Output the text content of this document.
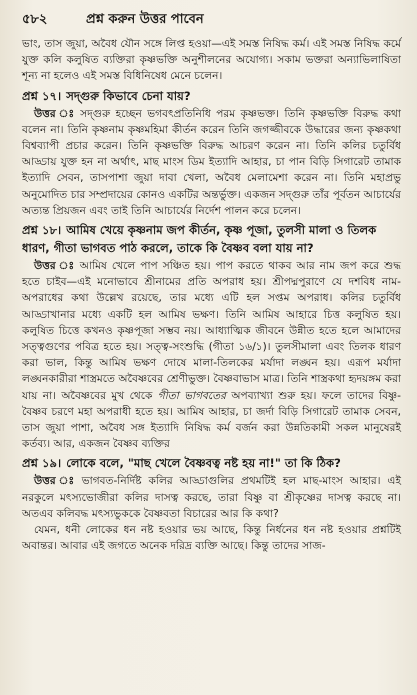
৫৮২	প্রশ্ন করুন উত্তর পাবেন

ভাং, তাস জুয়া, অবৈধ যৌন সঙ্গে লিপ্ত হওয়া—এই সমস্ত নিষিদ্ধ কর্ম। এই সমস্ত নিষিদ্ধ কর্মে যুক্ত কলি কলুষিত ব্যক্তিরা কৃষ্ণভক্তি অনুশীলনের অযোগ্য। সকাম ভক্তরা অন্যাভিলাষিতা শূন্য না হলেও এই সমস্ত বিধিনিষেধ মেনে চলেন।

প্রশ্ন ১৭। সদ্গুরু কিভাবে চেনা যায়?

উত্তর ঃ সদ্গুরু হচ্ছেন ভগবৎপ্রতিনিধি পরম কৃষ্ণভক্ত। তিনি কৃষ্ণভক্তি বিরুদ্ধ কথা বলেন না। তিনি কৃষ্ণনাম কৃষ্ণমহিমা কীর্তন করেন তিনি জগজ্জীবকে উদ্ধারের জন্য কৃষ্ণকথা বিশ্বব্যাপী প্রচার করেন। তিনি কৃষ্ণভক্তি বিরুদ্ধ আচরণ করেন না। তিনি কলির চতুর্বিধ আড্ডায় যুক্ত হন না অর্থাৎ, মাছ মাংস ডিম ইত্যাদি আহার, চা পান বিড়ি সিগারেট তামাক ইত্যাদি সেবন, তাসপাশা জুয়া দাবা খেলা, অবৈধ মেলামেশা করেন না। তিনি মহাপ্রভু অনুমোদিত চার সম্প্রদায়ের কোনও একটির অন্তর্ভুক্ত। একজন সদ্গুরু তাঁর পূর্বতন আচার্যের অত্যন্ত প্রিয়জন এবং তাই তিনি আচার্যের নির্দেশ পালন করে চলেন।

প্রশ্ন ১৮। আমিষ খেয়ে কৃষ্ণনাম জপ কীর্তন, কৃষ্ণ পূজা, তুলসী মালা ও তিলক ধারণ, গীতা ভাগবত পাঠ করলে, তাকে কি বৈষ্ণব বলা যায় না?

উত্তর ঃ আমিষ খেলে পাপ সঞ্চিত হয়। পাপ করতে থাকব আর নাম জপ করে শুদ্ধ হতে চাইব—এই মনোভাবে শ্রীনামের প্রতি অপরাধ হয়। শ্রীপদ্মপুরাণে যে দশবিধ নাম-অপরাধের কথা উল্লেখ রয়েছে, তার মধ্যে এটি হল সপ্তম অপরাধ। কলির চতুর্বিধ আড্ডাখানার মধ্যে একটি হল আমিষ ভক্ষণ। তিনি আমিষ আহারে চিত্ত কলুষিত হয়। কলুষিত চিত্তে কখনও কৃষ্ণপূজা সম্ভব নয়। আধ্যাত্মিক জীবনে উন্নীত হতে হলে আমাদের সত্ত্বগুণের পবিত্র হতে হয়। সত্ত্ব-সংশুদ্ধি (গীতা ১৬/১)। তুলসীমালা এবং তিলক ধারণ করা ভাল, কিন্তু আমিষ ভক্ষণ দোষে মালা-তিলকের মর্যাদা লঙ্ঘন হয়। এরূপ মর্যাদা লঙ্ঘনকারীরা শাস্ত্রমতে অবৈষ্ণবের শ্রেণীভুক্ত। বৈষ্ণবাভাস মাত্র। তিনি শাস্ত্রকথা হৃদয়ঙ্গম করা যায় না। অবৈষ্ণবের মুখ থেকে গীতা ভাগবতের অপব্যাখ্যা শুরু হয়। ফলে তাদের বিষ্ণু-বৈষ্ণব চরণে মহা অপরাধী হতে হয়। আমিষ আহার, চা জর্দা বিড়ি সিগারেট তামাক সেবন, তাস জুয়া পাশা, অবৈধ সঙ্গ ইত্যাদি নিষিদ্ধ কর্ম বর্জন করা উন্নতিকামী সকল মানুষেরই কর্তব্য। আর, একজন বৈষ্ণব ব্যক্তির

প্রশ্ন ১৯। লোকে বলে, "মাছ খেলে বৈষ্ণবত্ব নষ্ট হয় না!" তা কি ঠিক?

উত্তর ঃ ভাগবত-নির্দিষ্ট কলির আড্ডাগুলির প্রথমটিই হল মাছ-মাংস আহার। এই নরকুলে মৎস্যভোজীরা কলির দাসত্ব করছে, তারা বিষ্ণু বা শ্রীকৃষ্ণের দাসত্ব করছে না। অতএব কলিবদ্ধ মৎস্যভুককে বৈষ্ণবতা বিচারের আর কি কথা?

যেমন, ধনী লোকের ধন নষ্ট হওয়ার ভয় আছে, কিন্তু নির্ধনের ধন নষ্ট হওয়ার প্রশ্নটিই অবান্তর। আবার এই জগতে অনেক দরিদ্র ব্যক্তি আছে। কিন্তু তাদের সাজ-
